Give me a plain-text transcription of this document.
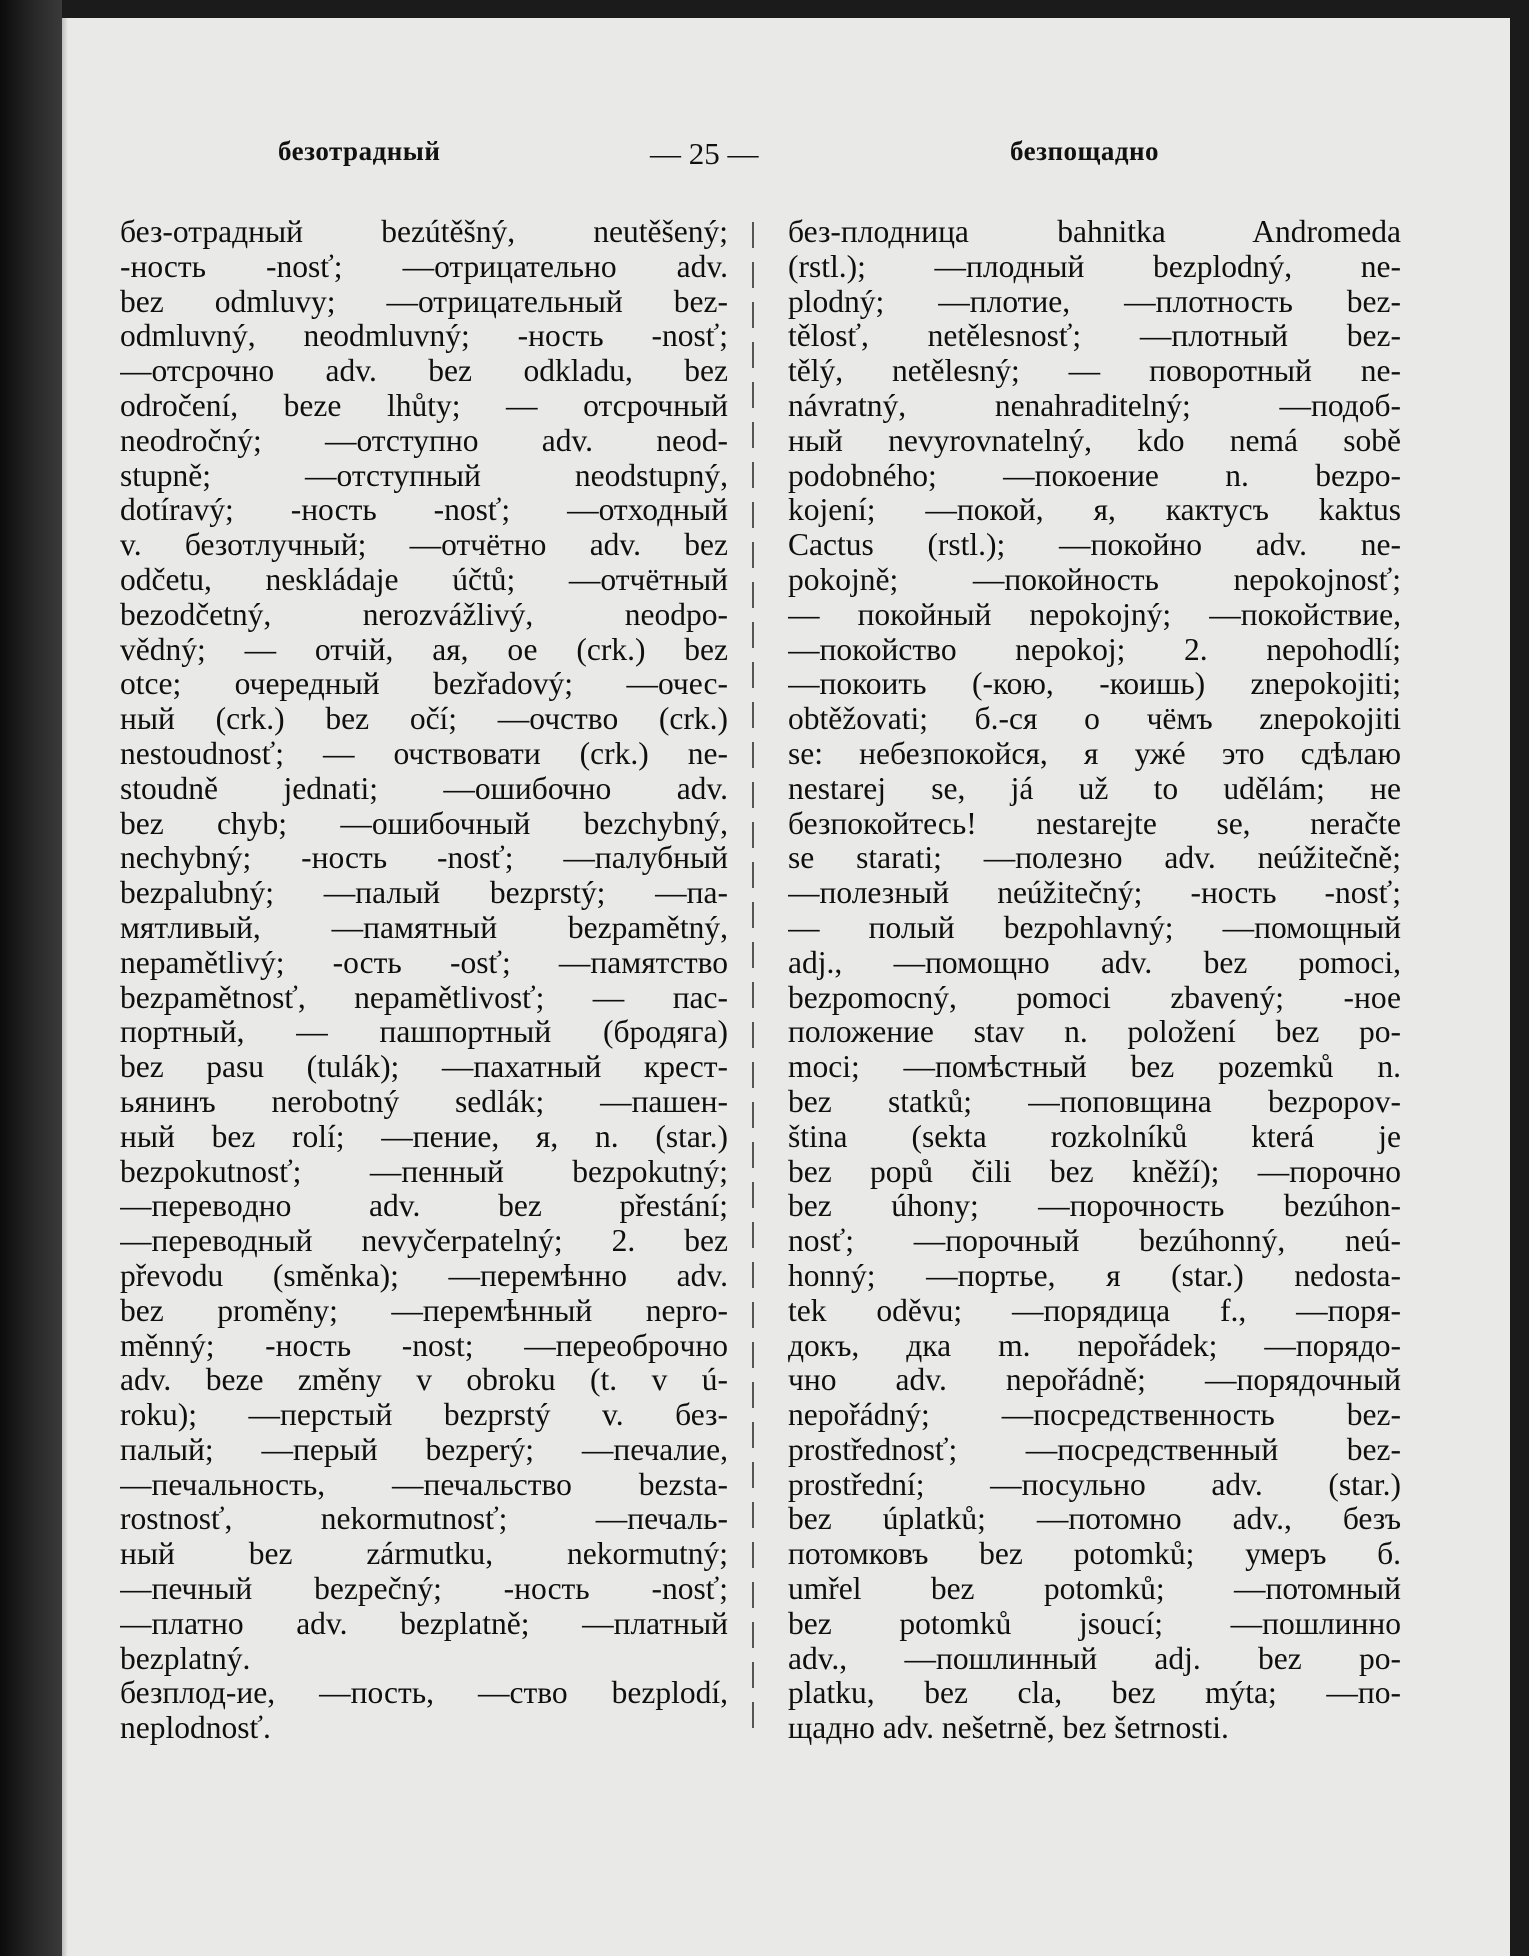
безотрадный	— 25 —	безпощадно
без-отрадный bezútěšný, neutěšený;
-ность -nosť; —отрицательно adv.
bez odmluvy; —отрицательный bez-
odmluvný, neodmluvný; -ность -nosť;
—отсрочно adv. bez odkladu, bez
odročení, beze lhůty; — отсрочный
neodročný; —отступно adv. neod-
stupně; —отступный neodstupný,
dotíravý; -ность -nosť; —отходный
v. безотлучный; —отчётно adv. bez
odčetu, neskládaje účtů; —отчётный
bezodčetný, nerozvážlivý, neodpo-
vědný; — отчій, ая, ое (crk.) bez
otce; очередный bezřadový; —очес-
ный (crk.) bez očí; —очство (crk.)
nestoudnosť; — очствовати (crk.) ne-
stoudně jednati; —ошибочно adv.
bez chyb; —ошибочный bezchybný,
nechybný; -ность -nosť; —палубный
bezpalubný; —палый bezprstý; —па-
мятливый, —памятный bezpamětný,
nepamětlivý; -ость -osť; —памятство
bezpamětnosť, nepamětlivosť; — пас-
портный, — пашпортный (бродяга)
bez pasu (tulák); —пахатный крест-
ьянинъ nerobotný sedlák; —пашен-
ный bez rolí; —пение, я, n. (star.)
bezpokutnosť; —пенный bezpokutný;
—перевoдно adv. bez přestání;
—переводный nevyčerpatelný; 2. bez
převodu (směnka); —перемѣнно adv.
bez proměny; —перемѣнный nepro-
měnný; -ность -nost; —переобрoчно
adv. beze změny v obroku (t. v ú-
roku); —перстый bezprstý v. без-
палый; —перый bezperý; —печалие,
—печальность, —печальство bezsta-
rostnosť, nekormutnosť; —печаль-
ный bez zármutku, nekormutný;
—печный bezpečný; -ность -nosť;
—платно adv. bezplatně; —платный
bezplatný.
безплод-ие, —пость, —ство bezplodí,
neplodnosť.
без-плодница bahnitka Andromeda
(rstl.); —плодный bezplodný, ne-
plodný; —плотие, —плотность bez-
tělosť, netělesnosť; —плотный bez-
tělý, netělesný; — поворотный ne-
návratný, nenahraditelný; —подоб-
ный nevyrovnatelný, kdo nemá sobě
podobného; —покоение n. bezpo-
kojení; —покой, я, кактусъ kaktus
Cactus (rstl.); —покойно adv. ne-
pokojně; —покойность nepokojnosť;
— покойный nepokojný; —покойствие,
—покойство nepokoj; 2. nepohodlí;
—покоить (-кою, -коишь) znepokojiti;
obtěžovati; б.-ся о чёмъ znepokojiti
se: небезпокойся, я ужé это сдѣлаю
nestarej se, já už to udělám; не
безпокойтесь! nestarejte se, neračte
se starati; —полезно adv. neúžitečně;
—полезный neúžitečný; -ность -nosť;
— полый bezpohlavný; —помощный
adj., —помощно adv. bez pomoci,
bezpomocný, pomoci zbavený; -ное
положение stav n. položení bez po-
moci; —помѣстный bez pozemků n.
bez statků; —поповщина bezpopov-
ština (sekta rozkolníků která je
bez popů čili bez kněží); —порочно
bez úhony; —порочность bezúhon-
nosť; —порочный bezúhonný, neú-
honný; —портье, я (star.) nedosta-
tek oděvu; —порядица f., —поря-
докъ, дка m. nepořádek; —порядо-
чно adv. nepořádně; —порядочный
nepořádný; —посредственность bez-
prostřednosť; —посредственный bez-
prostřední; —посульно adv. (star.)
bez úplatků; —потомно adv., безъ
потомковъ bez potomků; умеръ б.
umřel bez potomků; —потомный
bez potomků jsoucí; —пошлинно
adv., —пошлинный adj. bez po-
platku, bez cla, bez mýta; —по-
щадно adv. nešetrně, bez šetrnosti.
